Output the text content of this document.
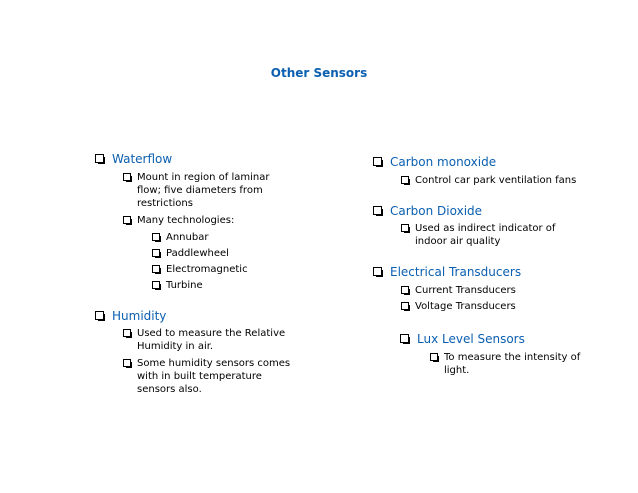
Other Sensors
Waterflow
Mount in region of laminar flow; five diameters from restrictions
Many technologies:
Annubar
Paddlewheel
Electromagnetic
Turbine
Humidity
Used to measure the Relative Humidity in air.
Some humidity sensors comes with in built temperature sensors also.
Carbon monoxide
Control car park ventilation fans
Carbon Dioxide
Used as indirect indicator of indoor air quality
Electrical Transducers
Current Transducers
Voltage Transducers
Lux Level Sensors
To measure the intensity of light.
